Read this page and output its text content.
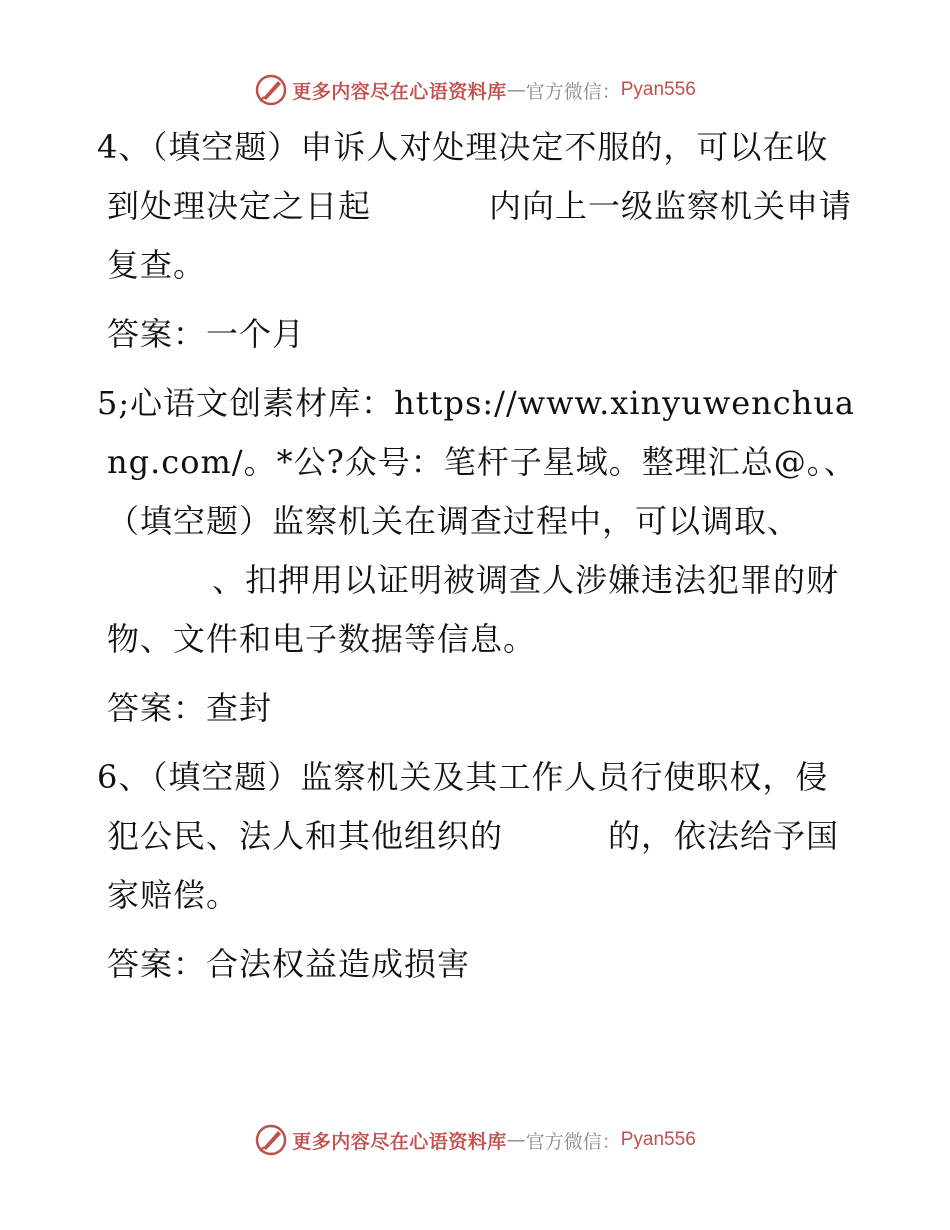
更多内容尽在心语资料库 — 官方微信： Pyan556

4、（填空题）申诉人对处理决定不服的，可以在收到处理决定之日起	内向上一级监察机关申请复查。

答案：一个月

5;心语文创素材库：https://www.xinyuwenchuang.com/。*公?众号：笔杆子星域。整理汇总@。、（填空题）监察机关在调查过程中，可以调取、、扣押用以证明被调查人涉嫌违法犯罪的财物、文件和电子数据等信息。

答案：查封

6、（填空题）监察机关及其工作人员行使职权，侵犯公民、法人和其他组织的	的，依法给予国家赔偿。

答案：合法权益造成损害

更多内容尽在心语资料库 — 官方微信： Pyan556
